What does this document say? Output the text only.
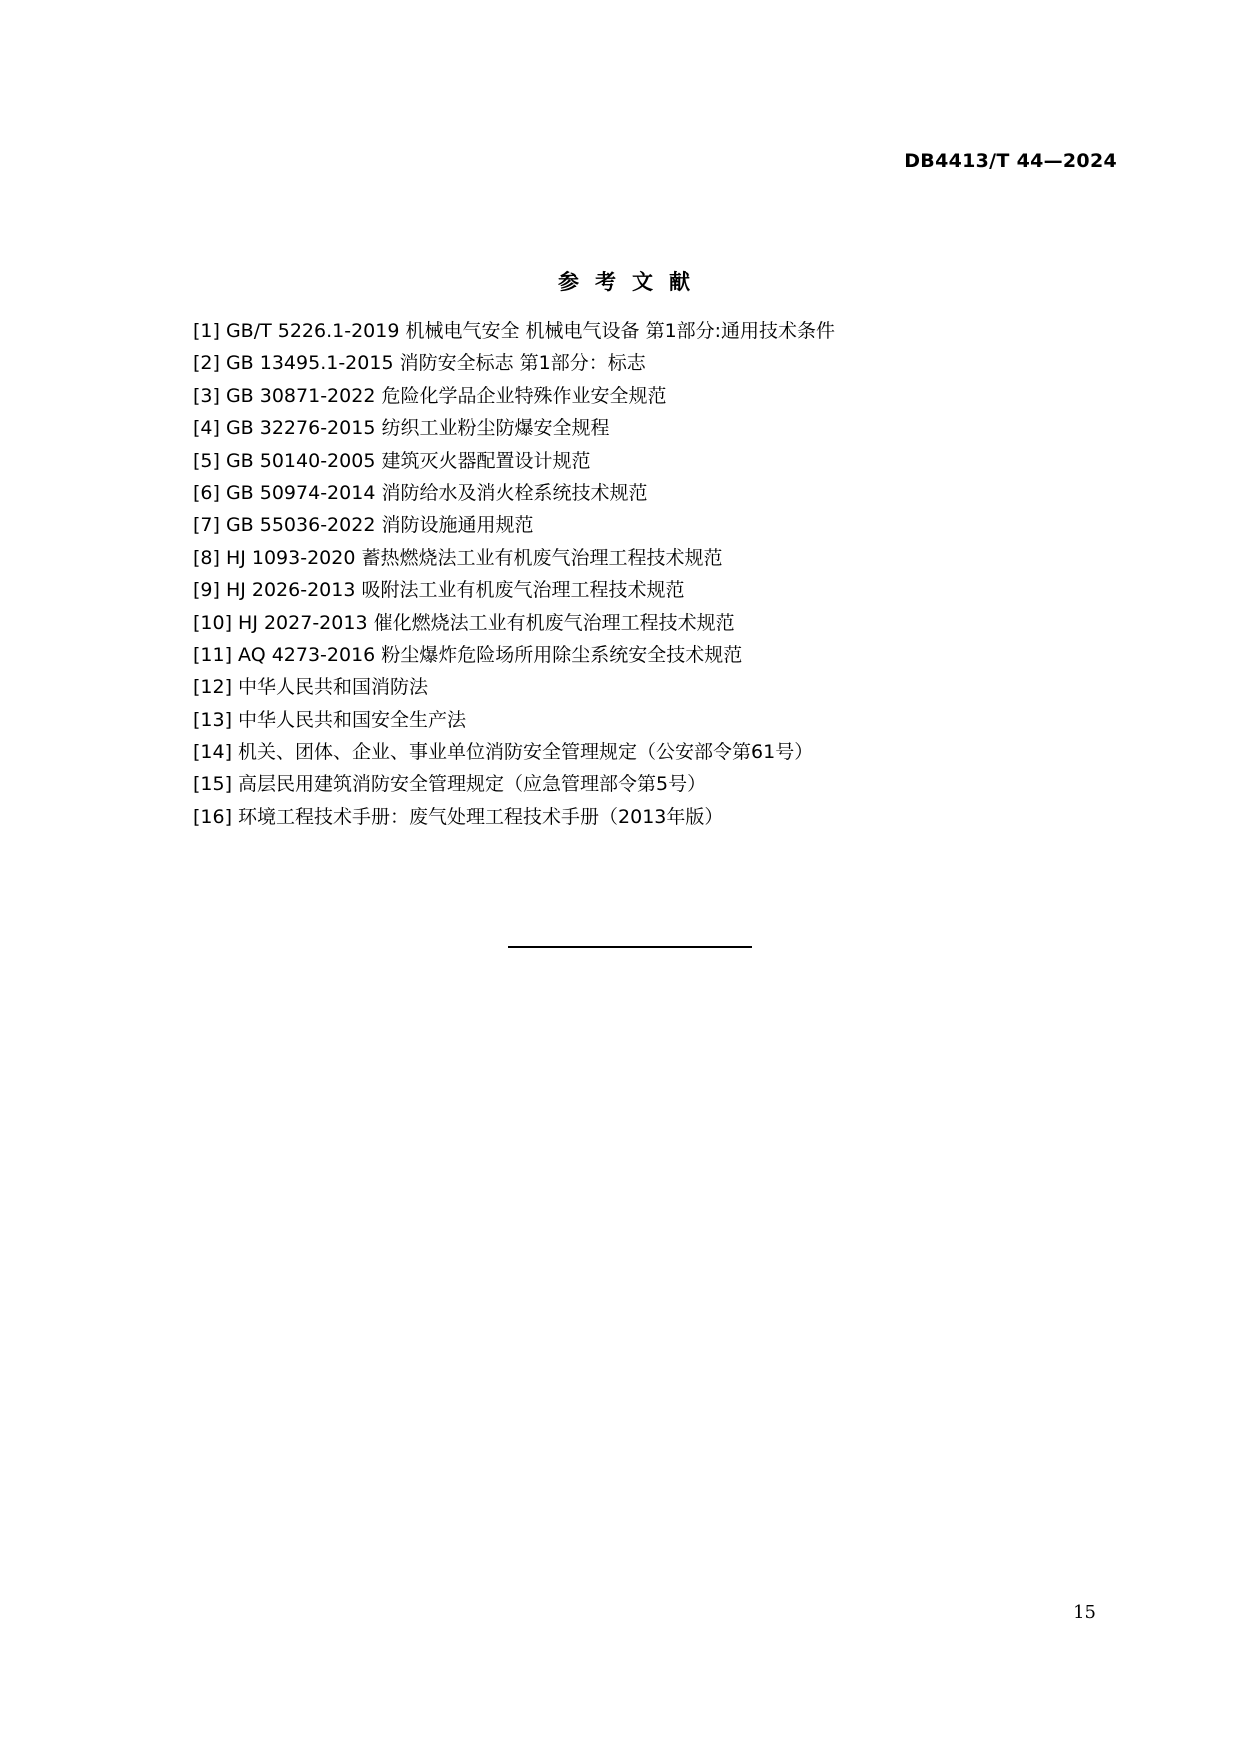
DB4413/T 44—2024
参考文献
[1] GB/T 5226.1-2019 机械电气安全 机械电气设备 第1部分:通用技术条件
[2] GB 13495.1-2015 消防安全标志 第1部分：标志
[3] GB 30871-2022 危险化学品企业特殊作业安全规范
[4] GB 32276-2015 纺织工业粉尘防爆安全规程
[5] GB 50140-2005 建筑灭火器配置设计规范
[6] GB 50974-2014 消防给水及消火栓系统技术规范
[7] GB 55036-2022 消防设施通用规范
[8] HJ 1093-2020 蓄热燃烧法工业有机废气治理工程技术规范
[9] HJ 2026-2013 吸附法工业有机废气治理工程技术规范
[10] HJ 2027-2013 催化燃烧法工业有机废气治理工程技术规范
[11] AQ 4273-2016 粉尘爆炸危险场所用除尘系统安全技术规范
[12] 中华人民共和国消防法
[13] 中华人民共和国安全生产法
[14] 机关、团体、企业、事业单位消防安全管理规定（公安部令第61号）
[15] 高层民用建筑消防安全管理规定（应急管理部令第5号）
[16] 环境工程技术手册：废气处理工程技术手册（2013年版）
15
